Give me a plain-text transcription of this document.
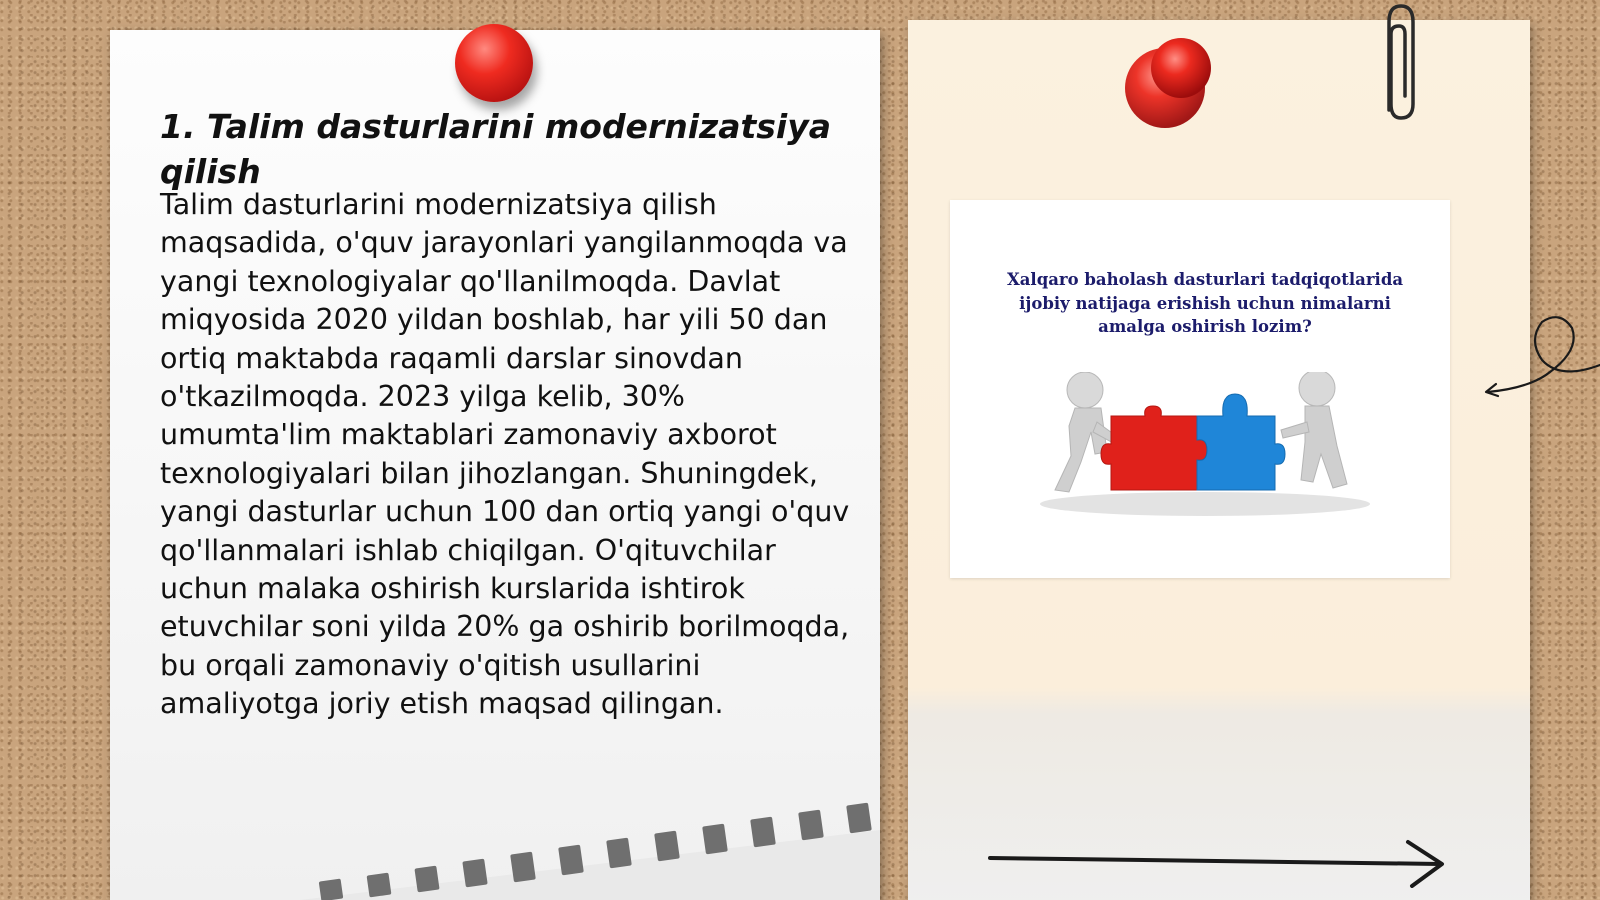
1. Talim dasturlarini modernizatsiya qilish

Talim dasturlarini modernizatsiya qilish maqsadida, o'quv jarayonlari yangilanmoqda va yangi texnologiyalar qo'llanilmoqda. Davlat miqyosida 2020 yildan boshlab, har yili 50 dan ortiq maktabda raqamli darslar sinovdan o'tkazilmoqda. 2023 yilga kelib, 30% umumta'lim maktablari zamonaviy axborot texnologiyalari bilan jihozlangan. Shuningdek, yangi dasturlar uchun 100 dan ortiq yangi o'quv qo'llanmalari ishlab chiqilgan. O'qituvchilar uchun malaka oshirish kurslarida ishtirok etuvchilar soni yilda 20% ga oshirib borilmoqda, bu orqali zamonaviy o'qitish usullarini amaliyotga joriy etish maqsad qilingan.

Xalqaro baholash dasturlari tadqiqotlarida ijobiy natijaga erishish uchun nimalarni amalga oshirish lozim?
